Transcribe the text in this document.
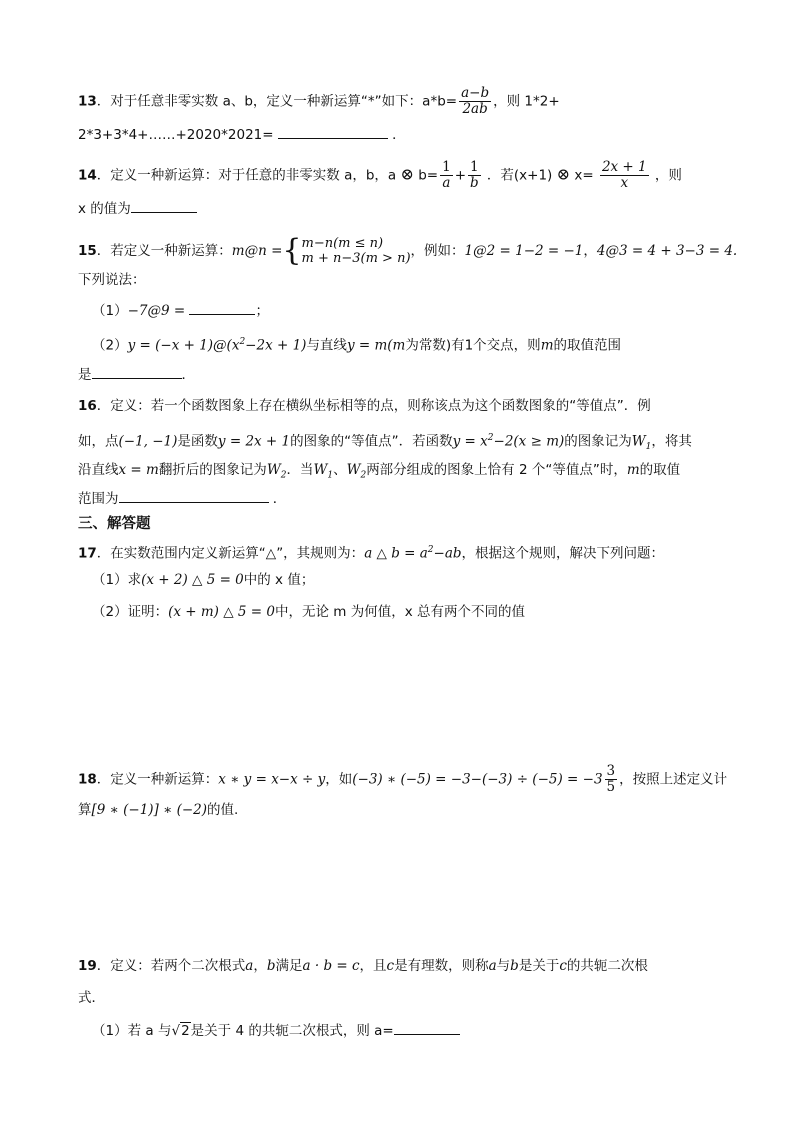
13．对于任意非零实数 a、b，定义一种新运算“*”如下：$a*b= \frac{a-b}{2ab}$ ，则 1*2+
2*3+3*4+……+2020*2021=	．
14．定义一种新运算：对于任意的非零实数 a，b，a ⊗ $b= \frac{1}{a} + \frac{1}{b}$ ．若(x+1) ⊗ $x= \frac{2x + 1}{x}$ ，则
x 的值为
15．若定义一种新运算：m@n ={ m−n(m ≤ n)
m + n−3(m > n) ，例如：1@2 = 1−2 = −1，4@3 = 4 + 3−3 = 4.
下列说法：
（1）−7@9 =	；
$(2)y = (-x + 1)@(x^2-2x + 1)$与直线y = m(m为常数)有1个交点，则m的取值范围
是	．
16．定义：若一个函数图象上存在横纵坐标相等的点，则称该点为这个函数图象的“等值点”．例
如，点(−1, −1)是函数y = 2x + 1的图象的“等值点”．若函数$y = x^2-2(x \ge m)$的图象记为$W_1$，将其
沿直线x = m翻折后的图象记为$W_2$．当$W_1$、$W_2$两部分组成的图象上恰有 2 个“等值点”时，m的取值
范围为	．
三、解答题
17．在实数范围内定义新运算“△”，其规则为：a △ $b = a^2-ab$，根据这个规则，解决下列问题：
（1）求(x + 2) △ 5 = 0中的 x 值；
（2）证明：(x + m) △ 5 = 0中，无论 m 为何值，x 总有两个不同的值
18．定义一种新运算：x ∗ y = x−x ÷ y，如(−3) ∗ $(-5) = -3-(-3) \div (-5) = -3 \frac{3}{5}$ ，按照上述定义计
算[9 ∗ (−1)] ∗ (−2)的值.
19．定义：若两个二次根式a，b满足a · b = c，且c是有理数，则称a与b是关于c的共轭二次根
式．
（1）若 a 与√2是关于 4 的共轭二次根式，则 a=
